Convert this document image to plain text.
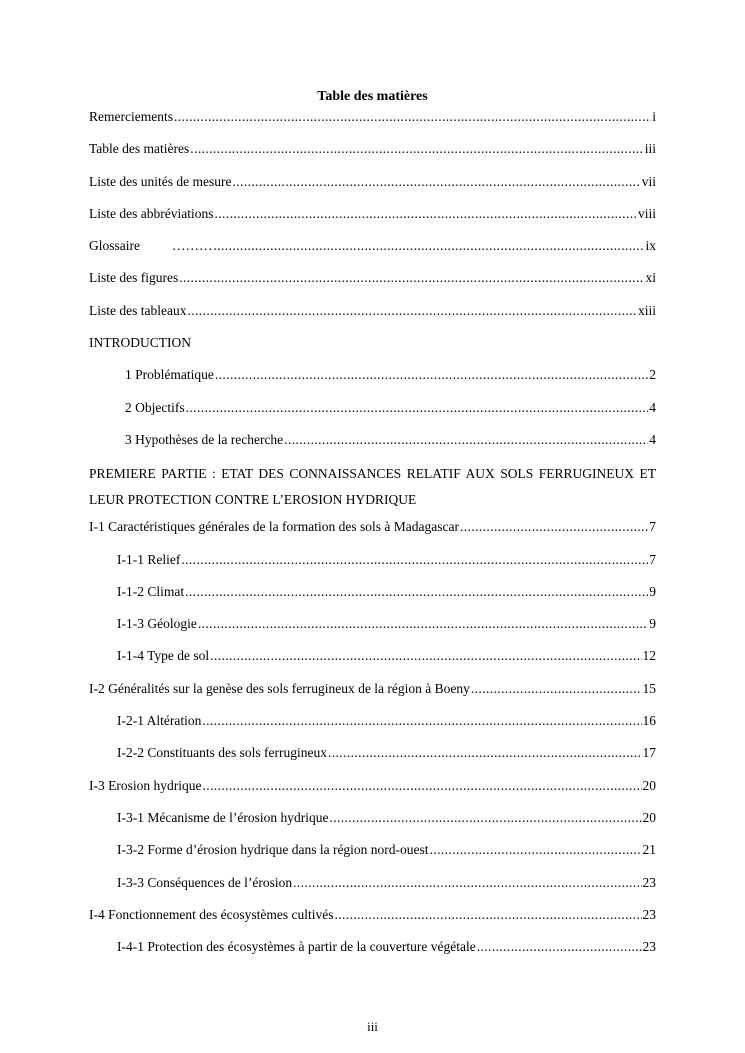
Table des matières
Remerciements .....	i
Table des matières .....	iii
Liste des unités de mesure .....	vii
Liste des abbréviations .....	viii
Glossaire ……… .....	ix
Liste des figures .....	xi
Liste des tableaux .....	xiii
INTRODUCTION
1 Problématique .....	2
2 Objectifs .....	4
3 Hypothèses de la recherche .....	4
PREMIERE PARTIE : ETAT DES CONNAISSANCES RELATIF AUX SOLS FERRUGINEUX ET LEUR PROTECTION CONTRE L’EROSION HYDRIQUE
I-1 Caractéristiques générales de la formation des sols à Madagascar .....	7
I-1-1 Relief .....	7
I-1-2 Climat .....	9
I-1-3 Géologie .....	9
I-1-4 Type de sol .....	12
I-2 Généralités sur la genèse des sols ferrugineux de la région à Boeny .....	15
I-2-1 Altération .....	16
I-2-2 Constituants des sols ferrugineux .....	17
I-3 Erosion hydrique .....	20
I-3-1 Mécanisme de l’érosion hydrique .....	20
I-3-2 Forme d’érosion hydrique dans la région nord-ouest .....	21
I-3-3 Conséquences de l’érosion .....	23
I-4 Fonctionnement des écosystèmes cultivés .....	23
I-4-1 Protection des écosystèmes à partir de la couverture végétale .....	23
iii
